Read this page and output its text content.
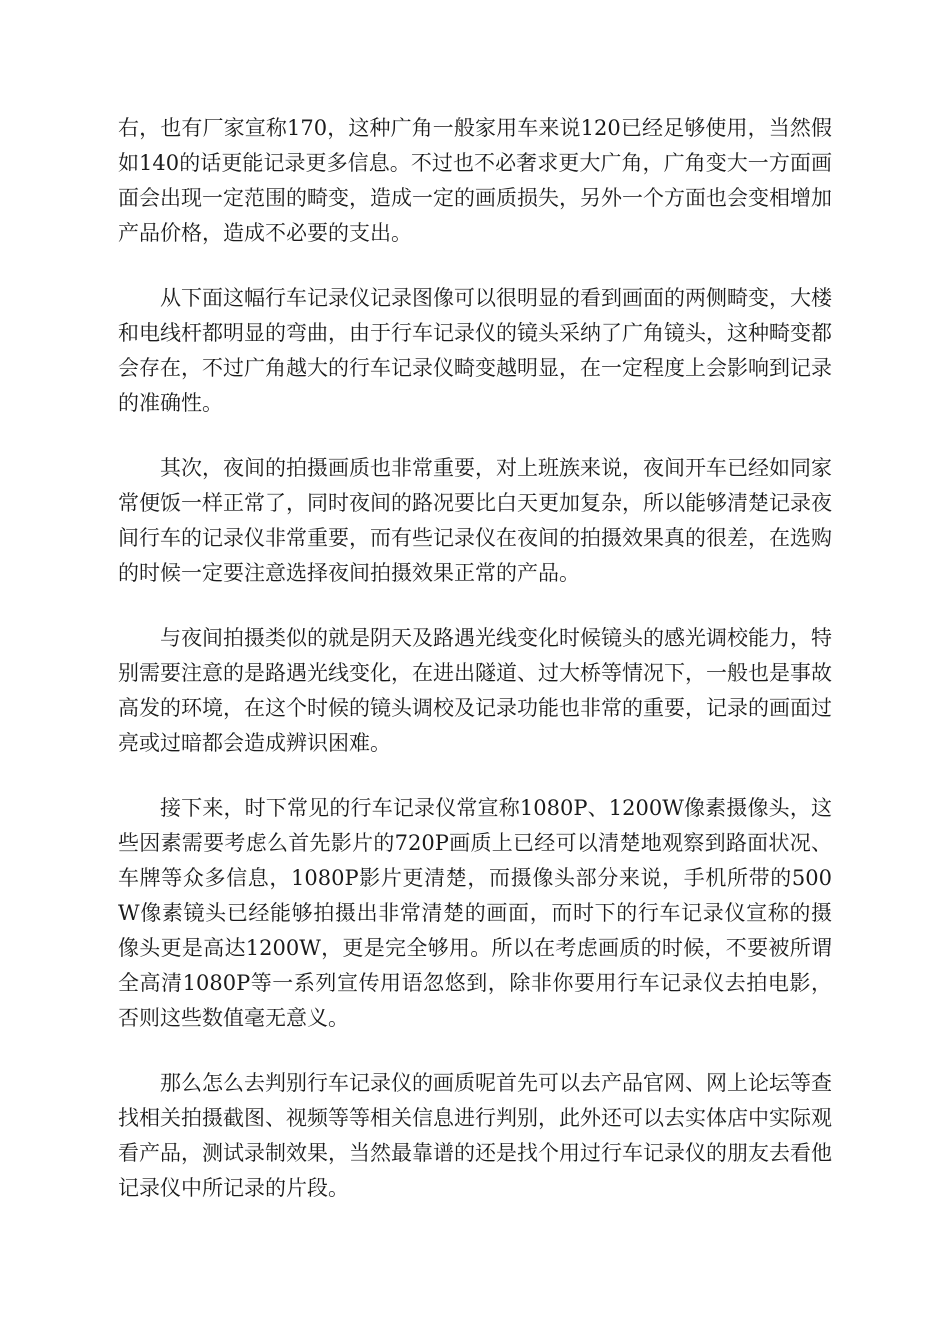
右，也有厂家宣称170，这种广角一般家用车来说120已经足够使用，当然假如140的话更能记录更多信息。不过也不必奢求更大广角，广角变大一方面画面会出现一定范围的畸变，造成一定的画质损失，另外一个方面也会变相增加产品价格，造成不必要的支出。

从下面这幅行车记录仪记录图像可以很明显的看到画面的两侧畸变，大楼和电线杆都明显的弯曲，由于行车记录仪的镜头采纳了广角镜头，这种畸变都会存在，不过广角越大的行车记录仪畸变越明显，在一定程度上会影响到记录的准确性。

其次，夜间的拍摄画质也非常重要，对上班族来说，夜间开车已经如同家常便饭一样正常了，同时夜间的路况要比白天更加复杂，所以能够清楚记录夜间行车的记录仪非常重要，而有些记录仪在夜间的拍摄效果真的很差，在选购的时候一定要注意选择夜间拍摄效果正常的产品。

与夜间拍摄类似的就是阴天及路遇光线变化时候镜头的感光调校能力，特别需要注意的是路遇光线变化，在进出隧道、过大桥等情况下，一般也是事故高发的环境，在这个时候的镜头调校及记录功能也非常的重要，记录的画面过亮或过暗都会造成辨识困难。

接下来，时下常见的行车记录仪常宣称1080P、1200W像素摄像头，这些因素需要考虑么首先影片的720P画质上已经可以清楚地观察到路面状况、车牌等众多信息，1080P影片更清楚，而摄像头部分来说，手机所带的500W像素镜头已经能够拍摄出非常清楚的画面，而时下的行车记录仪宣称的摄像头更是高达1200W，更是完全够用。所以在考虑画质的时候，不要被所谓全高清1080P等一系列宣传用语忽悠到，除非你要用行车记录仪去拍电影，否则这些数值毫无意义。

那么怎么去判别行车记录仪的画质呢首先可以去产品官网、网上论坛等查找相关拍摄截图、视频等等相关信息进行判别，此外还可以去实体店中实际观看产品，测试录制效果，当然最靠谱的还是找个用过行车记录仪的朋友去看他记录仪中所记录的片段。
